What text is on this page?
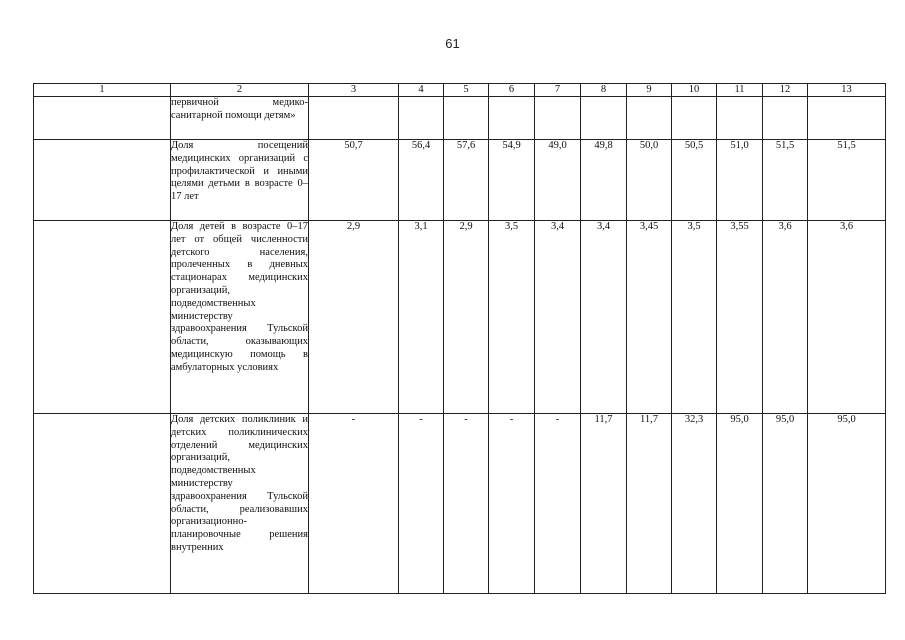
61
1	2	3	4	5	6	7	8	9	10	11	12	13
	первичной медико-санитарной помощи детям»											
	Доля посещений медицинских организаций с профилактической и иными целями детьми в возрасте 0–17 лет	50,7	56,4	57,6	54,9	49,0	49,8	50,0	50,5	51,0	51,5	51,5
	Доля детей в возрасте 0–17 лет от общей численности детского населения, пролеченных в дневных стационарах медицинских организаций, подведомственных министерству здравоохранения Тульской области, оказывающих медицинскую помощь в амбулаторных условиях	2,9	3,1	2,9	3,5	3,4	3,4	3,45	3,5	3,55	3,6	3,6
	Доля детских поликлиник и детских поликлинических отделений медицинских организаций, подведомственных министерству здравоохранения Тульской области, реализовавших организационно-планировочные решения внутренних	-	-	-	-	-	11,7	11,7	32,3	95,0	95,0	95,0
